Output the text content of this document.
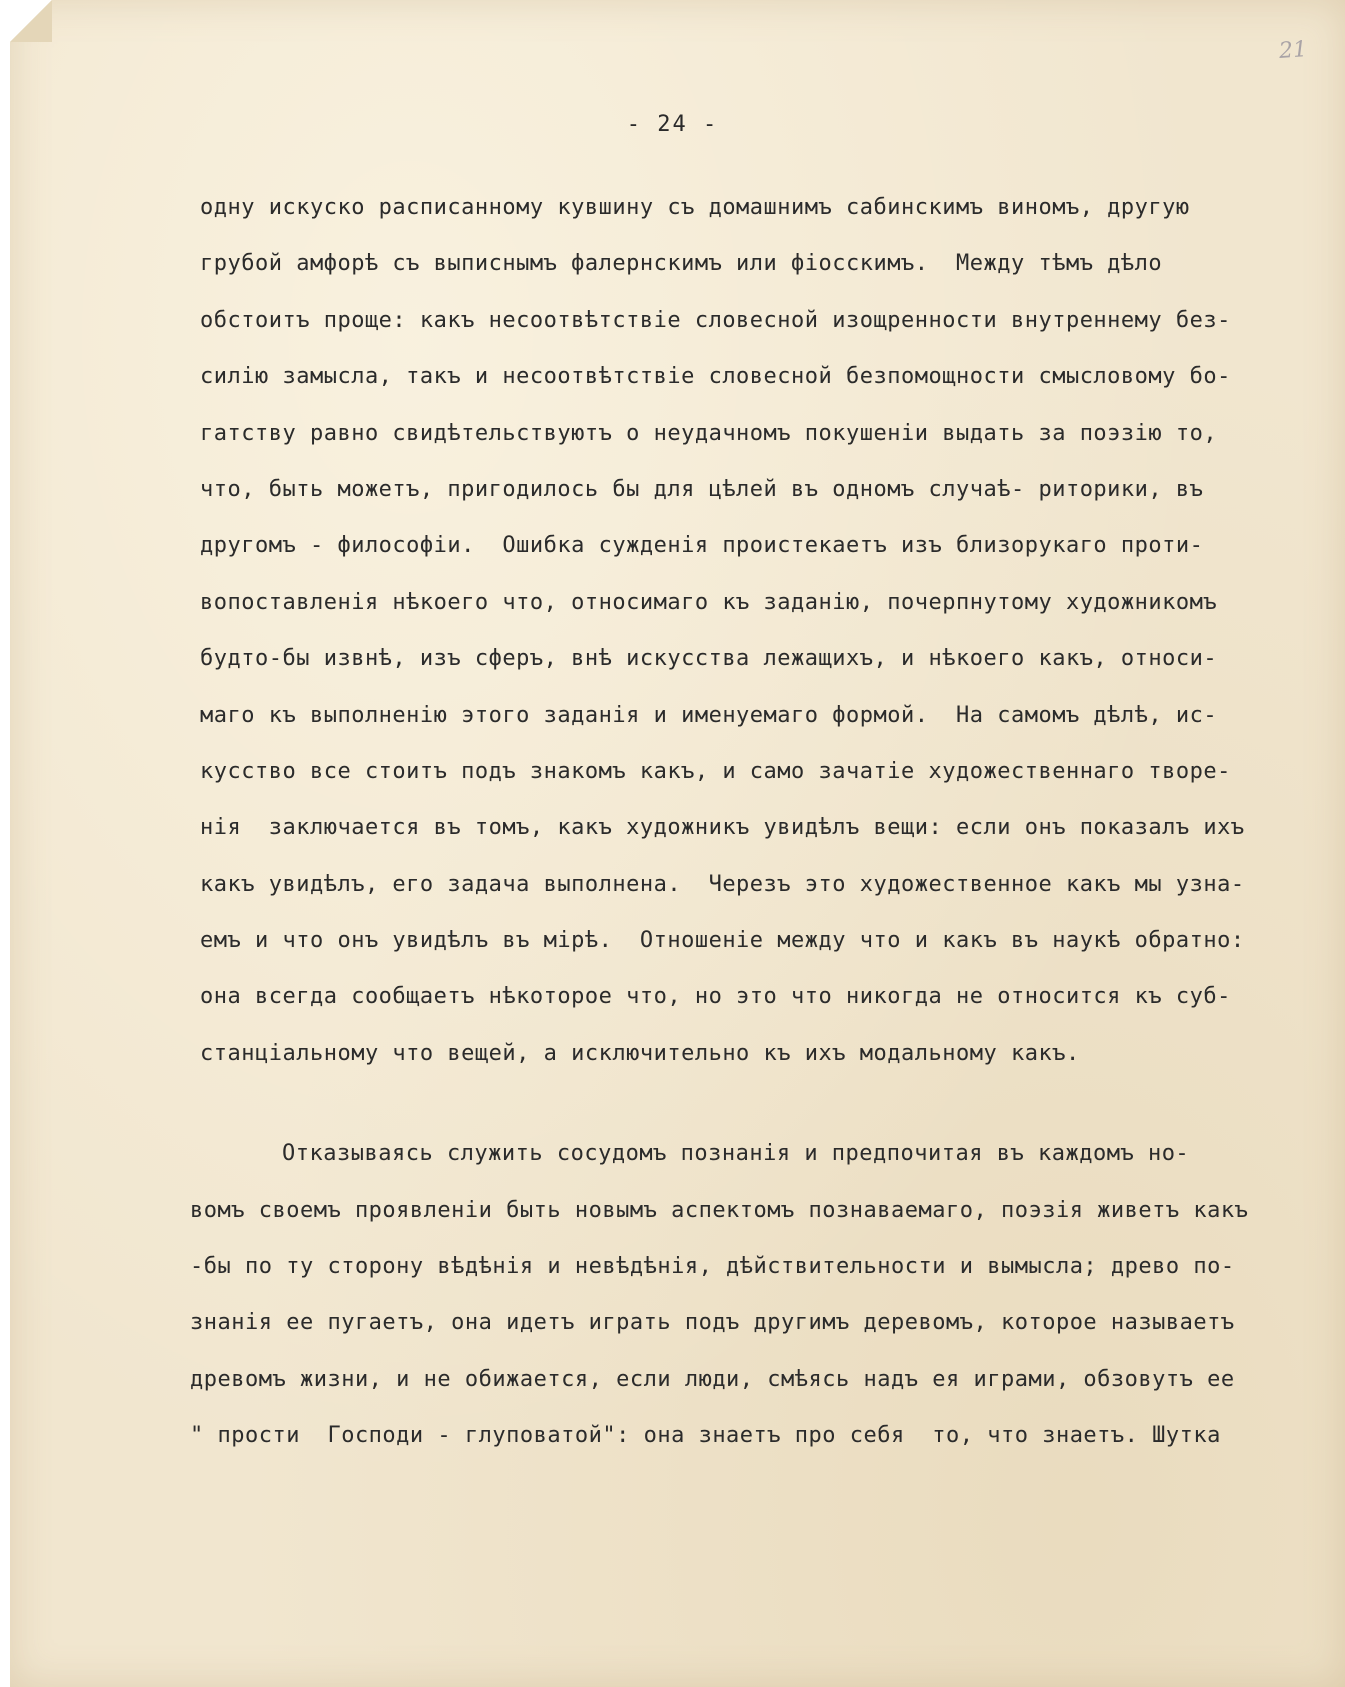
21
- 24 -
одну искуско расписанному кувшину съ домашнимъ сабинскимъ виномъ, другую
грубой амфорѣ съ выписнымъ фалернскимъ или фіосскимъ.  Между тѣмъ дѣло
обстоитъ проще: какъ несоотвѣтствіе словесной изощренности внутреннему без-
силію замысла, такъ и несоотвѣтствіе словесной безпомощности смысловому бо-
гатству равно свидѣтельствуютъ о неудачномъ покушеніи выдать за поэзію то,
что, быть можетъ, пригодилось бы для цѣлей въ одномъ случаѣ- риторики, въ
другомъ - философіи.  Ошибка сужденія проистекаетъ изъ близорукаго проти-
вопоставленія нѣкоего что, относимаго къ заданію, почерпнутому художникомъ
будто-бы извнѣ, изъ сферъ, внѣ искусства лежащихъ, и нѣкоего какъ, относи-
маго къ выполненію этого заданія и именуемаго формой.  На самомъ дѣлѣ, ис-
кусство все стоитъ подъ знакомъ какъ, и само зачатіе художественнаго творе-
нія  заключается въ томъ, какъ художникъ увидѣлъ вещи: если онъ показалъ ихъ
какъ увидѣлъ, его задача выполнена.  Черезъ это художественное какъ мы узна-
емъ и что онъ увидѣлъ въ мірѣ.  Отношеніе между что и какъ въ наукѣ обратно:
она всегда сообщаетъ нѣкоторое что, но это что никогда не относится къ суб-
станціальному что вещей, а исключительно къ ихъ модальному какъ.
Отказываясь служить сосудомъ познанія и предпочитая въ каждомъ но-
вомъ своемъ проявленіи быть новымъ аспектомъ познаваемаго, поэзія живетъ какъ
-бы по ту сторону вѣдѣнія и невѣдѣнія, дѣйствительности и вымысла; древо по-
знанія ее пугаетъ, она идетъ играть подъ другимъ деревомъ, которое называетъ
древомъ жизни, и не обижается, если люди, смѣясь надъ ея играми, обзовутъ ее
" прости  Господи - глуповатой": она знаетъ про себя  то, что знаетъ. Шутка
